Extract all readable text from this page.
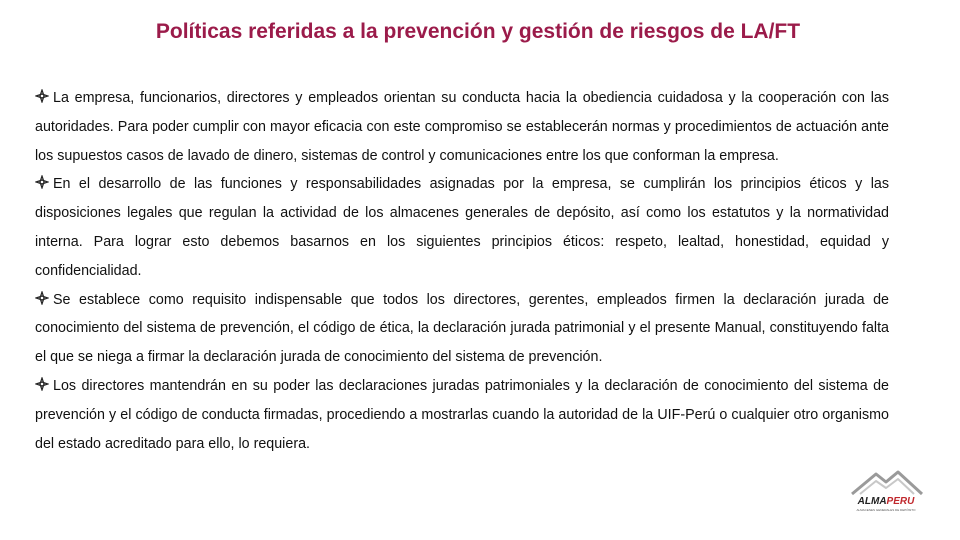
Políticas referidas a la prevención y gestión de riesgos de LA/FT

La empresa, funcionarios, directores y empleados orientan su conducta hacia la obediencia cuidadosa y la cooperación con las autoridades. Para poder cumplir con mayor eficacia con este compromiso se establecerán normas y procedimientos de actuación ante los supuestos casos de lavado de dinero, sistemas de control y comunicaciones entre los que conforman la empresa.

En el desarrollo de las funciones y responsabilidades asignadas por la empresa, se cumplirán los principios éticos y las disposiciones legales que regulan la actividad de los almacenes generales de depósito, así como los estatutos y la normatividad interna. Para lograr esto debemos basarnos en los siguientes principios éticos: respeto, lealtad, honestidad, equidad y confidencialidad.

Se establece como requisito indispensable que todos los directores, gerentes, empleados firmen la declaración jurada de conocimiento del sistema de prevención, el código de ética, la declaración jurada patrimonial y el presente Manual, constituyendo falta el que se niega a firmar la declaración jurada de conocimiento del sistema de prevención.

Los directores mantendrán en su poder las declaraciones juradas patrimoniales y la declaración de conocimiento del sistema de prevención y el código de conducta firmadas, procediendo a mostrarlas cuando la autoridad de la UIF-Perú o cualquier otro organismo del estado acreditado para ello, lo requiera.

ALMAPERU
ALMACENES GENERALES DE DEPÓSITO
